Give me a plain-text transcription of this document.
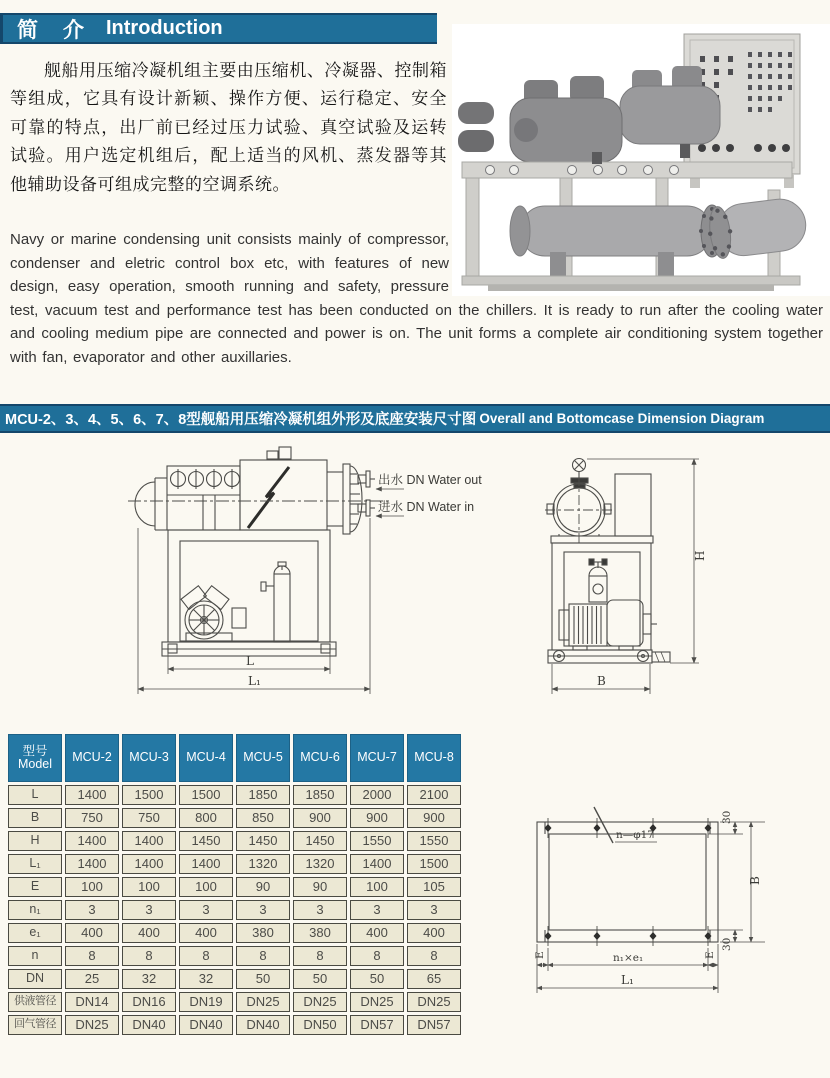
简　介 Introduction
舰船用压缩冷凝机组主要由压缩机、冷凝器、控制箱等组成，它具有设计新颖、操作方便、运行稳定、安全可靠的特点，出厂前已经过压力试验、真空试验及运转试验。用户选定机组后，配上适当的风机、蒸发器等其他辅助设备可组成完整的空调系统。
Navy or marine condensing unit consists mainly of compressor, condenser and eletric control box etc, with features of new design, easy operation, smooth running and safety, pressure test, vacuum test and performance test has been conducted on the chillers. It is ready to run after the cooling water and cooling medium pipe are connected and power is on. The unit forms a complete air conditioning system together with fan, evaporator and other auxillaries.
MCU-2、3、4、5、6、7、8型舰船用压缩冷凝机组外形及底座安装尺寸图 Overall and Bottomcase Dimension Diagram
L
L₁
出水 DN Water out
进水 DN Water in
H
B
n—φ17
E	n₁×e₁	E
L₁
30
B
30
型号
Model	MCU-2	MCU-3	MCU-4	MCU-5	MCU-6	MCU-7	MCU-8
L	1400	1500	1500	1850	1850	2000	2100
B	750	750	800	850	900	900	900
H	1400	1400	1450	1450	1450	1550	1550
L₁	1400	1400	1400	1320	1320	1400	1500
E	100	100	100	90	90	100	105
n₁	3	3	3	3	3	3	3
e₁	400	400	400	380	380	400	400
n	8	8	8	8	8	8	8
DN	25	32	32	50	50	50	65
供液管径	DN14	DN16	DN19	DN25	DN25	DN25	DN25
回气管径	DN25	DN40	DN40	DN40	DN50	DN57	DN57
